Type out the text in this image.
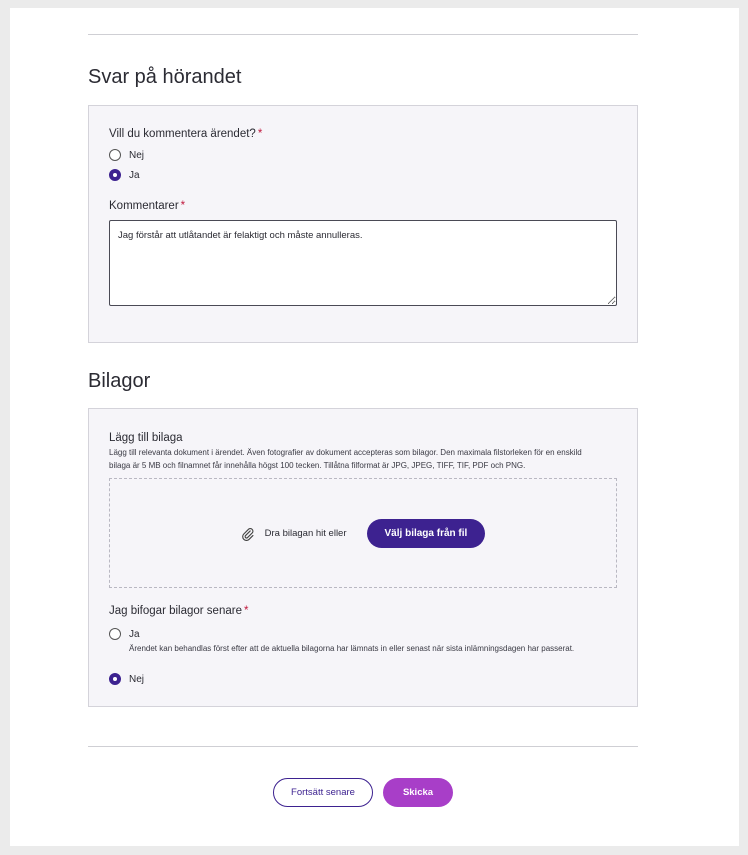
Svar på hörandet
Vill du kommentera ärendet? *
Nej
Ja
Kommentarer *
Jag förstår att utlåtandet är felaktigt och måste annulleras.
Bilagor
Lägg till bilaga
Lägg till relevanta dokument i ärendet. Även fotografier av dokument accepteras som bilagor. Den maximala filstorleken för en enskild
bilaga är 5 MB och filnamnet får innehålla högst 100 tecken. Tillåtna filformat är JPG, JPEG, TIFF, TIF, PDF och PNG.
Dra bilagan hit eller	Välj bilaga från fil
Jag bifogar bilagor senare *
Ja
Ärendet kan behandlas först efter att de aktuella bilagorna har lämnats in eller senast när sista inlämningsdagen har passerat.
Nej
Fortsätt senare	Skicka
